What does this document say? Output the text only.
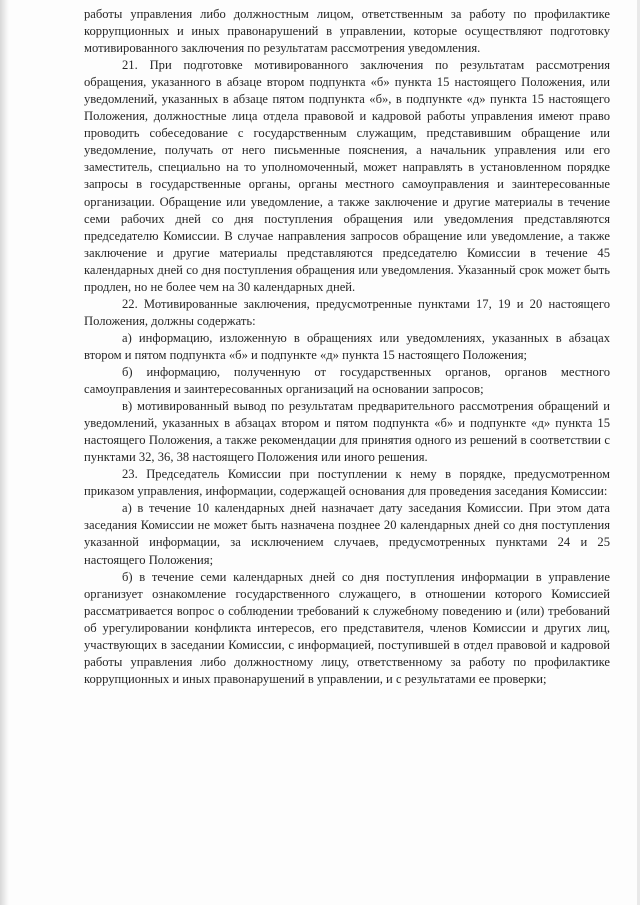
работы управления либо должностным лицом, ответственным за работу по профилактике коррупционных и иных правонарушений в управлении, которые осуществляют подготовку мотивированного заключения по результатам рассмотрения уведомления.

21. При подготовке мотивированного заключения по результатам рассмотрения обращения, указанного в абзаце втором подпункта «б» пункта 15 настоящего Положения, или уведомлений, указанных в абзаце пятом подпункта «б», в подпункте «д» пункта 15 настоящего Положения, должностные лица отдела правовой и кадровой работы управления имеют право проводить собеседование с государственным служащим, представившим обращение или уведомление, получать от него письменные пояснения, а начальник управления или его заместитель, специально на то уполномоченный, может направлять в установленном порядке запросы в государственные органы, органы местного самоуправления и заинтересованные организации. Обращение или уведомление, а также заключение и другие материалы в течение семи рабочих дней со дня поступления обращения или уведомления представляются председателю Комиссии. В случае направления запросов обращение или уведомление, а также заключение и другие материалы представляются председателю Комиссии в течение 45 календарных дней со дня поступления обращения или уведомления. Указанный срок может быть продлен, но не более чем на 30 календарных дней.

22. Мотивированные заключения, предусмотренные пунктами 17, 19 и 20 настоящего Положения, должны содержать:

а) информацию, изложенную в обращениях или уведомлениях, указанных в абзацах втором и пятом подпункта «б» и подпункте «д» пункта 15 настоящего Положения;

б) информацию, полученную от государственных органов, органов местного самоуправления и заинтересованных организаций на основании запросов;

в) мотивированный вывод по результатам предварительного рассмотрения обращений и уведомлений, указанных в абзацах втором и пятом подпункта «б» и подпункте «д» пункта 15 настоящего Положения, а также рекомендации для принятия одного из решений в соответствии с пунктами 32, 36, 38 настоящего Положения или иного решения.

23. Председатель Комиссии при поступлении к нему в порядке, предусмотренном приказом управления, информации, содержащей основания для проведения заседания Комиссии:

а) в течение 10 календарных дней назначает дату заседания Комиссии. При этом дата заседания Комиссии не может быть назначена позднее 20 календарных дней со дня поступления указанной информации, за исключением случаев, предусмотренных пунктами 24 и 25 настоящего Положения;

б) в течение семи календарных дней со дня поступления информации в управление организует ознакомление государственного служащего, в отношении которого Комиссией рассматривается вопрос о соблюдении требований к служебному поведению и (или) требований об урегулировании конфликта интересов, его представителя, членов Комиссии и других лиц, участвующих в заседании Комиссии, с информацией, поступившей в отдел правовой и кадровой работы управления либо должностному лицу, ответственному за работу по профилактике коррупционных и иных правонарушений в управлении, и с результатами ее проверки;
